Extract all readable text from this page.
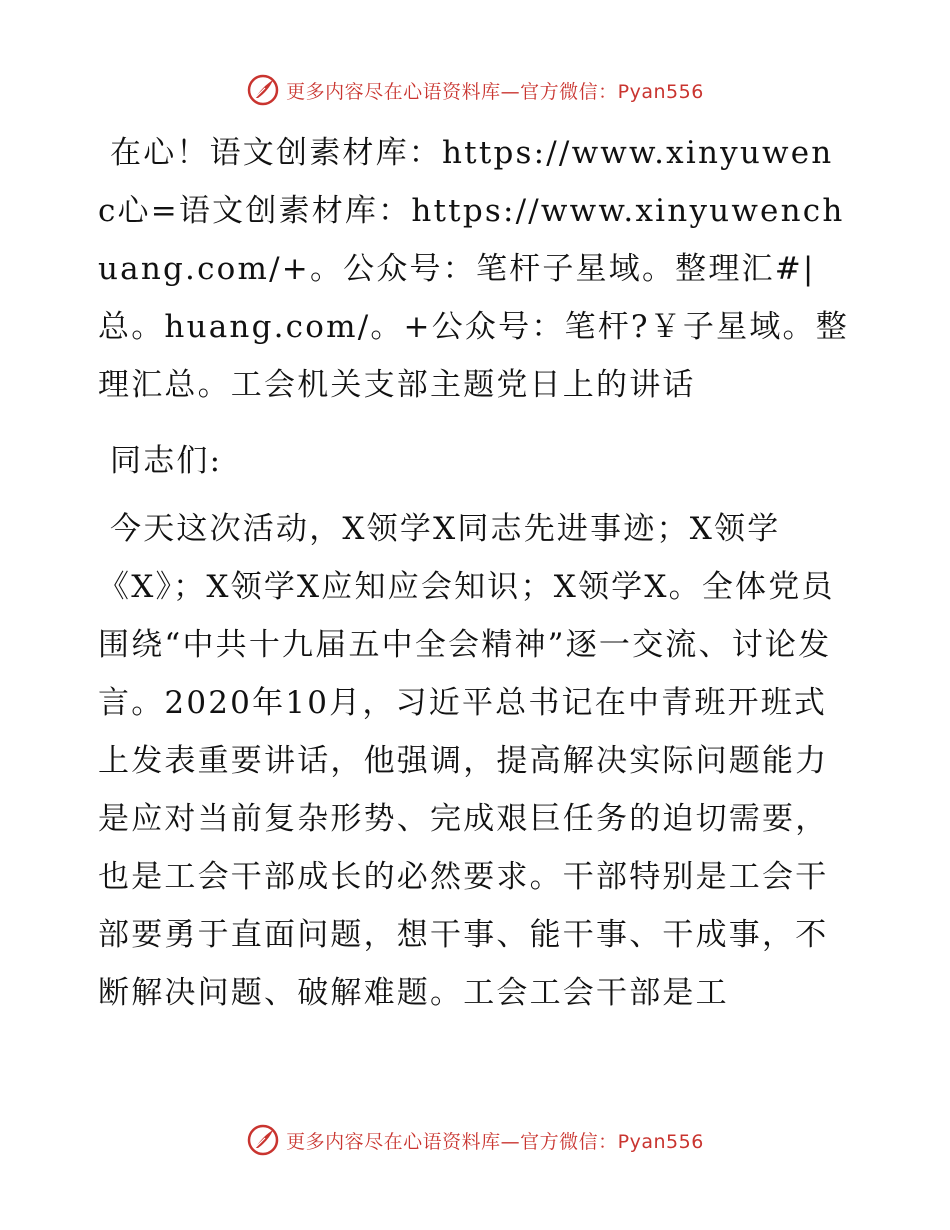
更多内容尽在心语资料库—官方微信：Pyan556

在心！语文创素材库：https://www.xinyuwenc心=语文创素材库：https://www.xinyuwenchuang.com/+。公众号：笔杆子星域。整理汇#|总。huang.com/。+公众号：笔杆?￥子星域。整理汇总。工会机关支部主题党日上的讲话

同志们:

今天这次活动，X领学X同志先进事迹；X领学《X》；X领学X应知应会知识；X领学X。全体党员围绕“中共十九届五中全会精神”逐一交流、讨论发言。2020年10月，习近平总书记在中青班开班式上发表重要讲话，他强调，提高解决实际问题能力是应对当前复杂形势、完成艰巨任务的迫切需要，也是工会干部成长的必然要求。干部特别是工会干部要勇于直面问题，想干事、能干事、干成事，不断解决问题、破解难题。工会工会干部是工

更多内容尽在心语资料库—官方微信：Pyan556
